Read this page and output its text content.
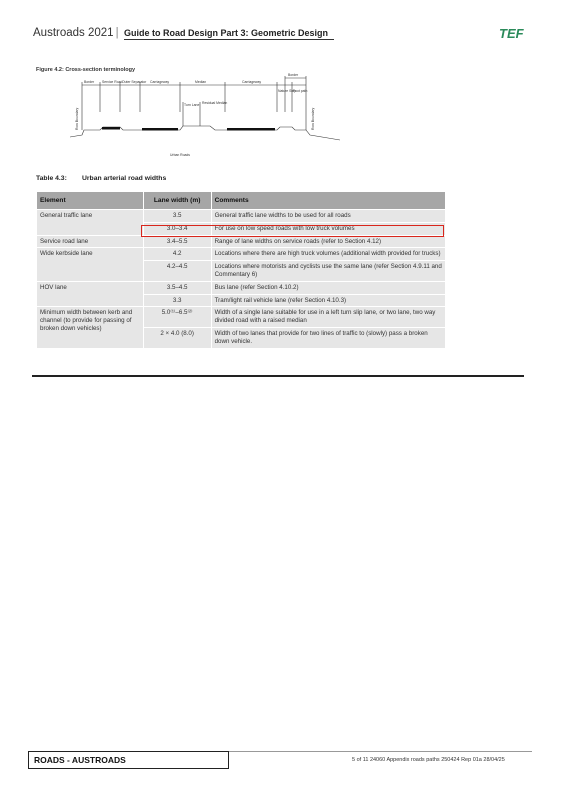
Austroads 2021 | Guide to Road Design Part 3: Geometric Design	TEF
Figure 4.2: Cross-section terminology
Border Service Road Outer Separator Carriageway	Median	Carriageway
Border
Nature Strip
Foot path
Turn Lane Residual Median
Urban Roads
Row Boundary	Row Boundary
Table 4.3: Urban arterial road widths
Element	Lane width (m)	Comments
General traffic lane	3.5	General traffic lane widths to be used for all roads
	3.0–3.4	For use on low speed roads with low truck volumes
Service road lane	3.4–5.5	Range of lane widths on service roads (refer to Section 4.12)
Wide kerbside lane	4.2	Locations where there are high truck volumes (additional width provided for trucks)
	4.2–4.5	Locations where motorists and cyclists use the same lane (refer Section 4.9.11 and Commentary 6)
HOV lane	3.5–4.5	Bus lane (refer Section 4.10.2)
	3.3	Tram/light rail vehicle lane (refer Section 4.10.3)
Minimum width between kerb and channel (to provide for passing of broken down vehicles)	5.0⁽¹⁾–6.5⁽²⁾	Width of a single lane suitable for use in a left turn slip lane, or two lane, two way divided road with a raised median
	2 × 4.0 (8.0)	Width of two lanes that provide for two lines of traffic to (slowly) pass a broken down vehicle.
ROADS - AUSTROADS	5 of 11 24060 Appendix roads paths 250424 Rep 01a 28/04/25
